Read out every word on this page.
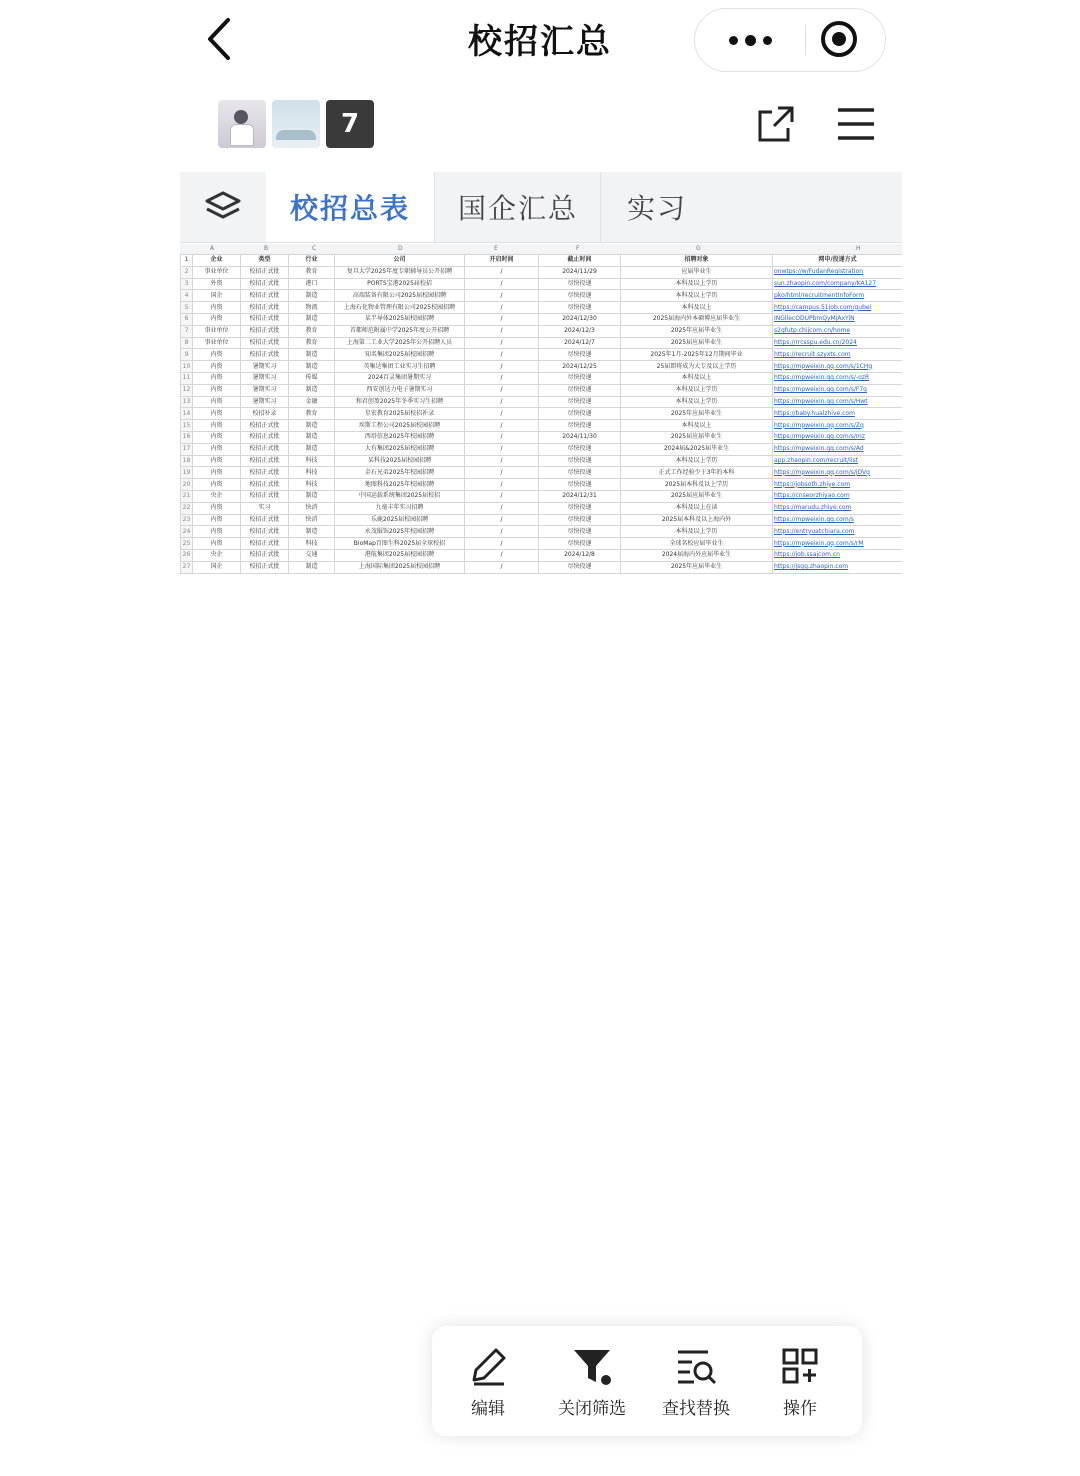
校招汇总
7
校招总表	国企汇总	实习
A	B	C	D	E	F	G	H
1	企业	类型	行业	公司	开启时间	截止时间	招聘对象	网申/投递方式
2	事业单位	校招正式批	教育	复旦大学2025年度专职辅导员公开招聘	/	2024/11/29	应届毕业生	onwtps://w/FudanRegistration
3	外资	校招正式批	港口	PORTS宝港2025届校招	/	尽快投递	本科及以上学历	sun.zhaopin.com/company/KA127
4	国企	校招正式批	制造	高端装备有限公司2025届校园招聘	/	尽快投递	本科及以上学历	pko/html/recruitmentInfoForm
5	内资	校招正式批	物流	上海石化物业管理有限公司2025校园招聘	/	尽快投递	本科及以上	https://campus.51job.com/gubei
6	内资	校招正式批	制造	某半导体2025届校园招聘	/	2024/12/30	2025届海内外本硕博应届毕业生	INGllecODUPbmQyMjAxYiN
7	事业单位	校招正式批	教育	首都师范附属中学2025年度公开招聘	/	2024/12/3	2025年应届毕业生	s2gfutp.chijcom.cn/home
8	事业单位	校招正式批	教育	上海第二工业大学2025年公开招聘人员	/	2024/12/7	2025届应届毕业生	https://rrcsspu.edu.cn/2024
9	内资	校招正式批	制造	知名集团2025届校园招聘	/	尽快投递	2025年1月-2025年12月期间毕业	https://recruit.szyxts.com
10	内资	暑期实习	制造	英集达集团工业实习生招聘	/	2024/12/25	25届即将成为大专及以上学历	https://mpweixin.qq.com/s/1CHg
11	内资	暑期实习	传媒	2024百灵集团暑期实习	/	尽快投递	本科及以上	https://mpweixin.qq.com/s/-ozR
12	内资	暑期实习	制造	西安创达力电子暑期实习	/	尽快投递	本科及以上学历	https://mpweixin.qq.com/s/F7g
13	内资	暑期实习	金融	和君创盈2025年冬季实习生招聘	/	尽快投递	本科及以上学历	https://mpweixin.qq.com/s/Hwt
14	内资	校招补录	教育	星宏教育2025届校招补录	/	尽快投递	2025年应届毕业生	https://baby.hualzhive.com
15	内资	校招正式批	制造	埃斯工程公司2025届校园招聘	/	尽快投递	本科及以上	https://mpweixin.qq.com/s/Zq
16	内资	校招正式批	制造	西塔信息2025年校园招聘	/	2024/11/30	2025届应届毕业生	https://mpweixin.qq.com/s/mz
17	内资	校招正式批	制造	大有集团2025届校园招聘	/	尽快投递	2024届&2025届毕业生	https://mpweixin.qq.com/s/Ad
18	内资	校招正式批	科技	某科技2025届校园招聘	/	尽快投递	本科及以上学历	app.zhaopin.com/recruit/list
19	内资	校招正式批	科技	金石兄弟2025年校园招聘	/	尽快投递	正式工作经验少于3年的本科	https://mpweixin.qq.com/s/jDVg
20	内资	校招正式批	科技	地图科技2025年校园招聘	/	尽快投递	2025届本科及以上学历	https://jobsoth.zhiye.com
21	央企	校招正式批	制造	中国运载系统集团2025届校招	/	2024/12/31	2025届应届毕业生	https://cnseorzhiyao.com
22	内资	实习	快消	九毫丰年实习招聘	/	尽快投递	本科及以上在读	https://marudu.zhiye.com
23	内资	校招正式批	快消	乐鹿2025届校园招聘	/	尽快投递	2025届本科及以上海内外	https://mpweixin.qq.com/s
24	内资	校招正式批	制造	永茂服饰2025年校园招聘	/	尽快投递	本科及以上学历	https://entryuatchiara.com
25	内资	校招正式批	科技	BioMap百图生科2025届全球校招	/	尽快投递	全球名校应届毕业生	https://mpweixin.qq.com/s/rM
26	央企	校招正式批	交通	港航集团2025届校园招聘	/	2024/12/8	2024届海内外应届毕业生	https://job.ssajcom.cn
27	国企	校招正式批	制造	上海国际集团2025届校园招聘	/	尽快投递	2025年应届毕业生	https://jsgg.zhaopin.com
编辑	关闭筛选	查找替换	操作
